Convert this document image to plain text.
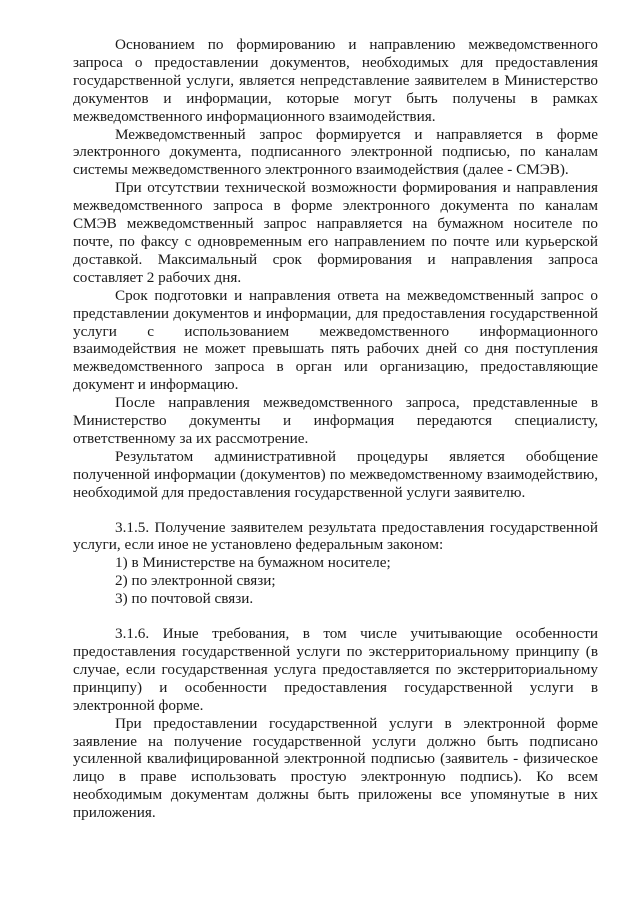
Основанием по формированию и направлению межведомственного запроса о предоставлении документов, необходимых для предоставления государственной услуги, является непредставление заявителем в Министерство документов и информации, которые могут быть получены в рамках межведомственного информационного взаимодействия.

Межведомственный запрос формируется и направляется в форме электронного документа, подписанного электронной подписью, по каналам системы межведомственного электронного взаимодействия (далее - СМЭВ).

При отсутствии технической возможности формирования и направления межведомственного запроса в форме электронного документа по каналам СМЭВ межведомственный запрос направляется на бумажном носителе по почте, по факсу с одновременным его направлением по почте или курьерской доставкой. Максимальный срок формирования и направления запроса составляет 2 рабочих дня.

Срок подготовки и направления ответа на межведомственный запрос о представлении документов и информации, для предоставления государственной услуги с использованием межведомственного информационного взаимодействия не может превышать пять рабочих дней со дня поступления межведомственного запроса в орган или организацию, предоставляющие документ и информацию.

После направления межведомственного запроса, представленные в Министерство документы и информация передаются специалисту, ответственному за их рассмотрение.

Результатом административной процедуры является обобщение полученной информации (документов) по межведомственному взаимодействию, необходимой для предоставления государственной услуги заявителю.

3.1.5. Получение заявителем результата предоставления государственной услуги, если иное не установлено федеральным законом:

1) в Министерстве на бумажном носителе;

2) по электронной связи;

3) по почтовой связи.

3.1.6. Иные требования, в том числе учитывающие особенности предоставления государственной услуги по экстерриториальному принципу (в случае, если государственная услуга предоставляется по экстерриториальному принципу) и особенности предоставления государственной услуги в электронной форме.

При предоставлении государственной услуги в электронной форме заявление на получение государственной услуги должно быть подписано усиленной квалифицированной электронной подписью (заявитель - физическое лицо в праве использовать простую электронную подпись). Ко всем необходимым документам должны быть приложены все упомянутые в них приложения.
